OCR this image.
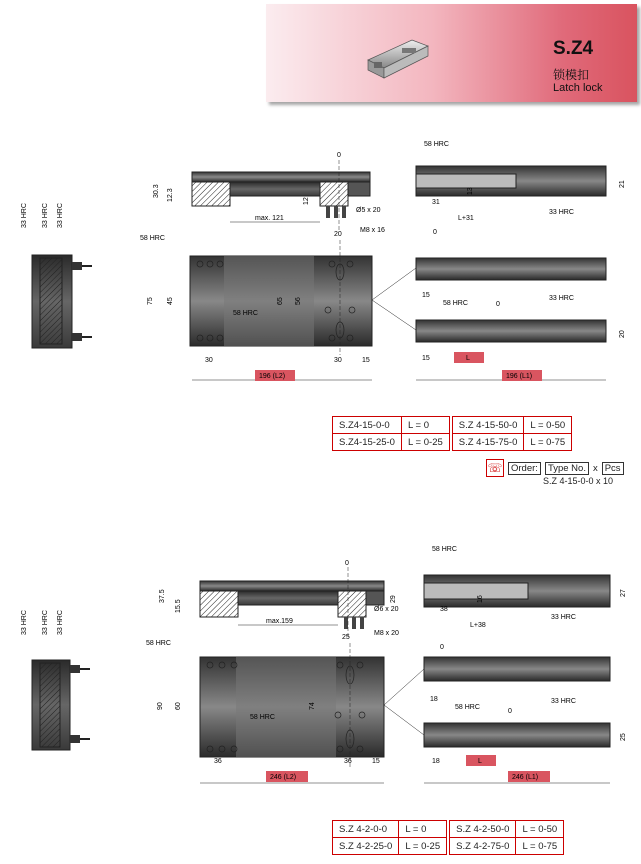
S.Z4
锁模扣
Latch lock
33 HRC 33 HRC 33 HRC
0
30.3 12.3	12
max. 121
Ø5 x 20
M8 x 16
58 HRC
20
75 45	65 56
58 HRC
30	30	15
196 (L2)
58 HRC
21
13
31
L+31
33 HRC
0
15
58 HRC	0
33 HRC
20
15	L
196 (L1)
S.Z4-15-0-0	L = 0		S.Z 4-15-50-0	L = 0-50
S.Z4-15-25-0	L = 0-25		S.Z 4-15-75-0	L = 0-75
☏ Order:	Type No. x Pcs
S.Z 4-15-0-0 x 10
33 HRC 33 HRC 33 HRC
0
37.5
15.5
29
max.159
Ø6 x 20
M8 x 20
58 HRC
25
90 60	74
58 HRC
36	36	15
246 (L2)
58 HRC
27
16
38
L+38
33 HRC
0
18
58 HRC
0
33 HRC
25
18	L
246 (L1)
S.Z 4-2-0-0	L = 0		S.Z 4-2-50-0	L = 0-50
S.Z 4-2-25-0	L = 0-25		S.Z 4-2-75-0	L = 0-75
